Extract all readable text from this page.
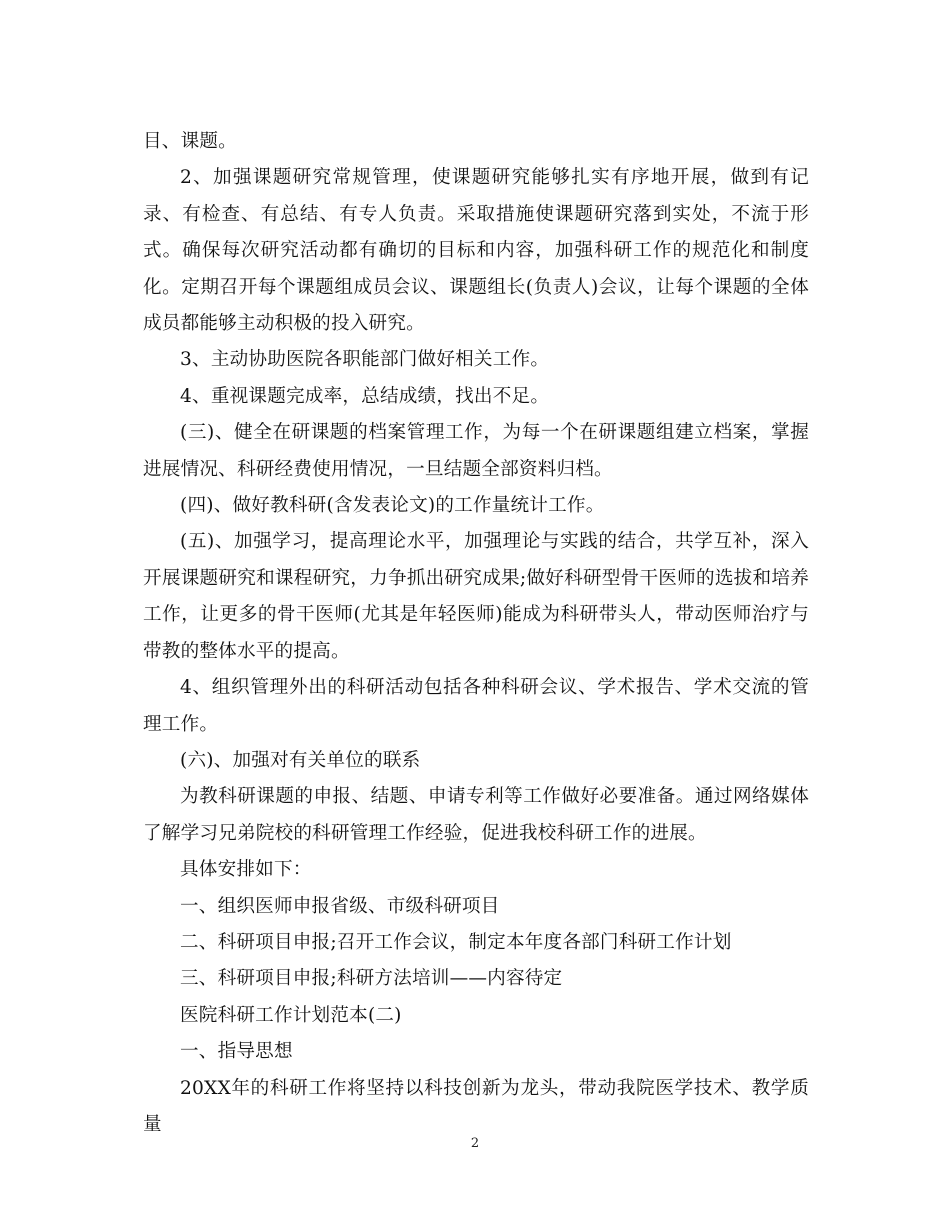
目、课题。

2、加强课题研究常规管理，使课题研究能够扎实有序地开展，做到有记录、有检查、有总结、有专人负责。采取措施使课题研究落到实处，不流于形式。确保每次研究活动都有确切的目标和内容，加强科研工作的规范化和制度化。定期召开每个课题组成员会议、课题组长(负责人)会议，让每个课题的全体成员都能够主动积极的投入研究。

3、主动协助医院各职能部门做好相关工作。

4、重视课题完成率，总结成绩，找出不足。

(三)、健全在研课题的档案管理工作，为每一个在研课题组建立档案，掌握进展情况、科研经费使用情况，一旦结题全部资料归档。

(四)、做好教科研(含发表论文)的工作量统计工作。

(五)、加强学习，提高理论水平，加强理论与实践的结合，共学互补，深入开展课题研究和课程研究，力争抓出研究成果;做好科研型骨干医师的选拔和培养工作，让更多的骨干医师(尤其是年轻医师)能成为科研带头人，带动医师治疗与带教的整体水平的提高。

4、组织管理外出的科研活动包括各种科研会议、学术报告、学术交流的管理工作。

(六)、加强对有关单位的联系

为教科研课题的申报、结题、申请专利等工作做好必要准备。通过网络媒体了解学习兄弟院校的科研管理工作经验，促进我校科研工作的进展。

具体安排如下：

一、组织医师申报省级、市级科研项目

二、科研项目申报;召开工作会议，制定本年度各部门科研工作计划

三、科研项目申报;科研方法培训——内容待定

医院科研工作计划范本(二)

一、指导思想

20XX年的科研工作将坚持以科技创新为龙头，带动我院医学技术、教学质量

2
